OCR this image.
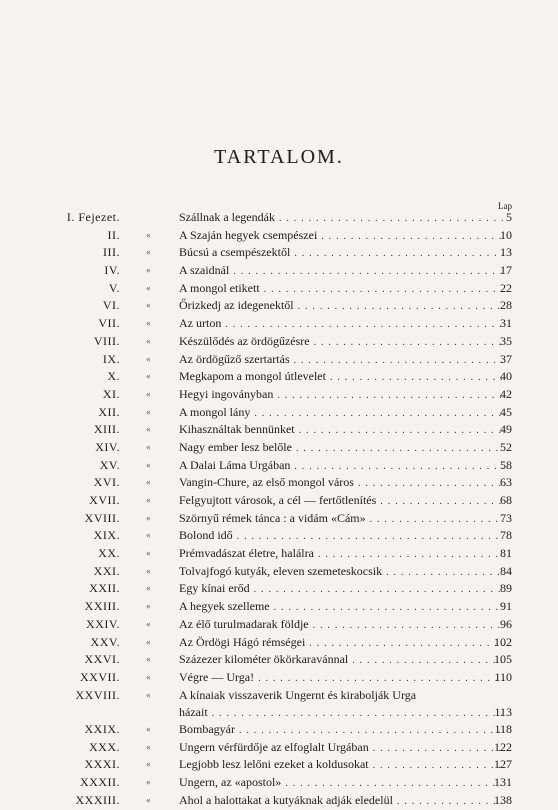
TARTALOM.
Lap
I. Fejezet.	Szállnak a legendák . . .	5
II.	« A Szaján hegyek csempészei . . .	10
III.	« Búcsú a csempészektől . . .	13
IV.	« A szaidnál . . .	17
V.	« A mongol etikett . . .	22
VI.	« Őrizkedj az idegenektől . . .	28
VII.	« Az urton . . .	31
VIII.	« Készülődés az ördögűzésre . . .	35
IX.	« Az ördögűző szertartás . . .	37
X.	« Megkapom a mongol útlevelet . . .	40
XI.	« Hegyi ingoványban . . .	42
XII.	« A mongol lány . . .	45
XIII.	« Kihasználtak bennünket . . .	49
XIV.	« Nagy ember lesz belőle . . .	52
XV.	« A Dalai Láma Urgában . . .	58
XVI.	« Vangin-Chure, az első mongol város . . .	63
XVII.	« Felgyujtott városok, a cél — fertőtlenítés . . .	68
XVIII.	« Szörnyű rémek tánca : a vidám «Cám» . . .	73
XIX.	« Bolond idő . . .	78
XX.	« Prémvadászat életre, halálra . . .	81
XXI.	« Tolvajfogó kutyák, eleven szemeteskocsik . . .	84
XXII.	« Egy kínai erőd . . .	89
XXIII.	« A hegyek szelleme . . .	91
XXIV.	« Az élő turulmadarak földje . . .	96
XXV.	« Az Ördögi Hágó rémségei . . .	102
XXVI.	« Százezer kilométer ökörkaravánnal . . .	105
XXVII.	« Végre — Urga! . . .	110
XXVIII.	« A kínaiak visszaverik Ungernt és kirabolják Urga
házait . . .	113
XXIX.	« Bombagyár . . .	118
XXX.	« Ungern vérfürdője az elfoglalt Urgában . . .	122
XXXI.	« Legjobb lesz lelőni ezeket a koldusokat . . .	127
XXXII.	« Ungern, az «apostol» . . .	131
XXXIII.	« Ahol a halottakat a kutyáknak adják eledelül . . .	138
